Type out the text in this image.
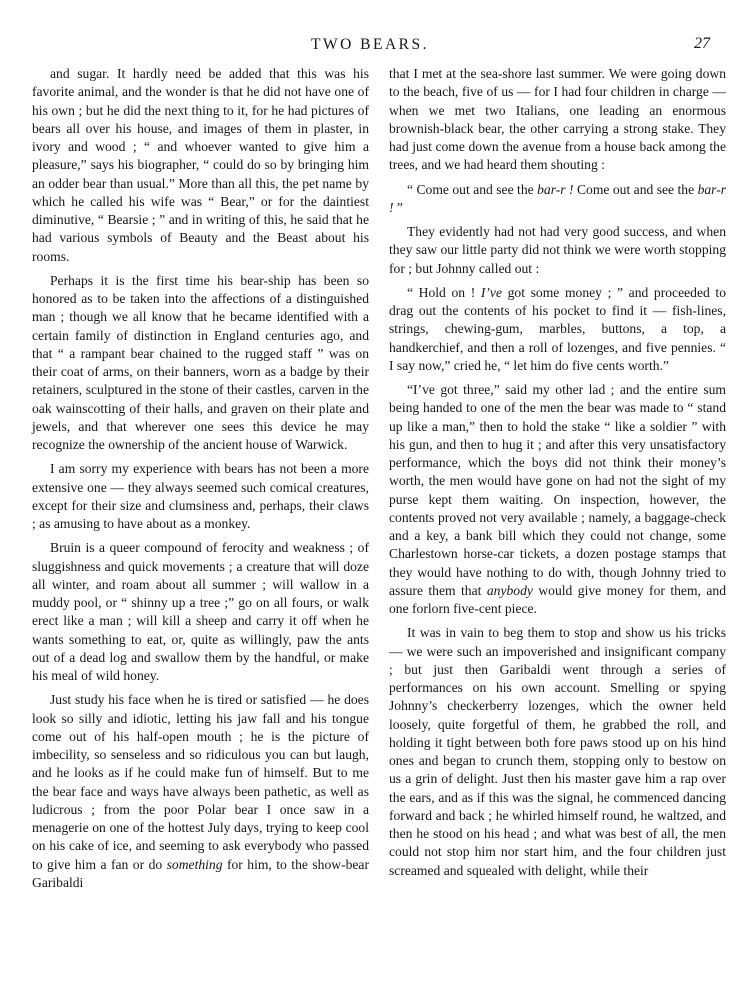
TWO BEARS.	27

and sugar. It hardly need be added that this was his favorite animal, and the wonder is that he did not have one of his own ; but he did the next thing to it, for he had pictures of bears all over his house, and images of them in plaster, in ivory and wood ; “ and whoever wanted to give him a pleasure,” says his biographer, “ could do so by bringing him an odder bear than usual.” More than all this, the pet name by which he called his wife was “ Bear,” or for the daintiest diminutive, “ Bearsie ; ” and in writing of this, he said that he had various symbols of Beauty and the Beast about his rooms.

Perhaps it is the first time his bear-ship has been so honored as to be taken into the affections of a distinguished man ; though we all know that he became identified with a certain family of distinction in England centuries ago, and that “ a rampant bear chained to the rugged staff ” was on their coat of arms, on their banners, worn as a badge by their retainers, sculptured in the stone of their castles, carven in the oak wainscotting of their halls, and graven on their plate and jewels, and that wherever one sees this device he may recognize the ownership of the ancient house of Warwick.

I am sorry my experience with bears has not been a more extensive one — they always seemed such comical creatures, except for their size and clumsiness and, perhaps, their claws ; as amusing to have about as a monkey.

Bruin is a queer compound of ferocity and weakness ; of sluggishness and quick movements ; a creature that will doze all winter, and roam about all summer ; will wallow in a muddy pool, or “ shinny up a tree ;” go on all fours, or walk erect like a man ; will kill a sheep and carry it off when he wants something to eat, or, quite as willingly, paw the ants out of a dead log and swallow them by the handful, or make his meal of wild honey.

Just study his face when he is tired or satisfied — he does look so silly and idiotic, letting his jaw fall and his tongue come out of his half-open mouth ; he is the picture of imbecility, so senseless and so ridiculous you can but laugh, and he looks as if he could make fun of himself. But to me the bear face and ways have always been pathetic, as well as ludicrous ; from the poor Polar bear I once saw in a menagerie on one of the hottest July days, trying to keep cool on his cake of ice, and seeming to ask everybody who passed to give him a fan or do something for him, to the show-bear Garibaldi

that I met at the sea-shore last summer. We were going down to the beach, five of us — for I had four children in charge — when we met two Italians, one leading an enormous brownish-black bear, the other carrying a strong stake. They had just come down the avenue from a house back among the trees, and we had heard them shouting :

“ Come out and see the bar-r ! Come out and see the bar-r ! ”

They evidently had not had very good success, and when they saw our little party did not think we were worth stopping for ; but Johnny called out :

“ Hold on ! I’ve got some money ; ” and proceeded to drag out the contents of his pocket to find it — fish-lines, strings, chewing-gum, marbles, buttons, a top, a handkerchief, and then a roll of lozenges, and five pennies. “ I say now,” cried he, “ let him do five cents worth.”

“I’ve got three,” said my other lad ; and the entire sum being handed to one of the men the bear was made to “ stand up like a man,” then to hold the stake “ like a soldier ” with his gun, and then to hug it ; and after this very unsatisfactory performance, which the boys did not think their money’s worth, the men would have gone on had not the sight of my purse kept them waiting. On inspection, however, the contents proved not very available ; namely, a baggage-check and a key, a bank bill which they could not change, some Charlestown horse-car tickets, a dozen postage stamps that they would have nothing to do with, though Johnny tried to assure them that anybody would give money for them, and one forlorn five-cent piece.

It was in vain to beg them to stop and show us his tricks — we were such an impoverished and insignificant company ; but just then Garibaldi went through a series of performances on his own account. Smelling or spying Johnny’s checkerberry lozenges, which the owner held loosely, quite forgetful of them, he grabbed the roll, and holding it tight between both fore paws stood up on his hind ones and began to crunch them, stopping only to bestow on us a grin of delight. Just then his master gave him a rap over the ears, and as if this was the signal, he commenced dancing forward and back ; he whirled himself round, he waltzed, and then he stood on his head ; and what was best of all, the men could not stop him nor start him, and the four children just screamed and squealed with delight, while their
